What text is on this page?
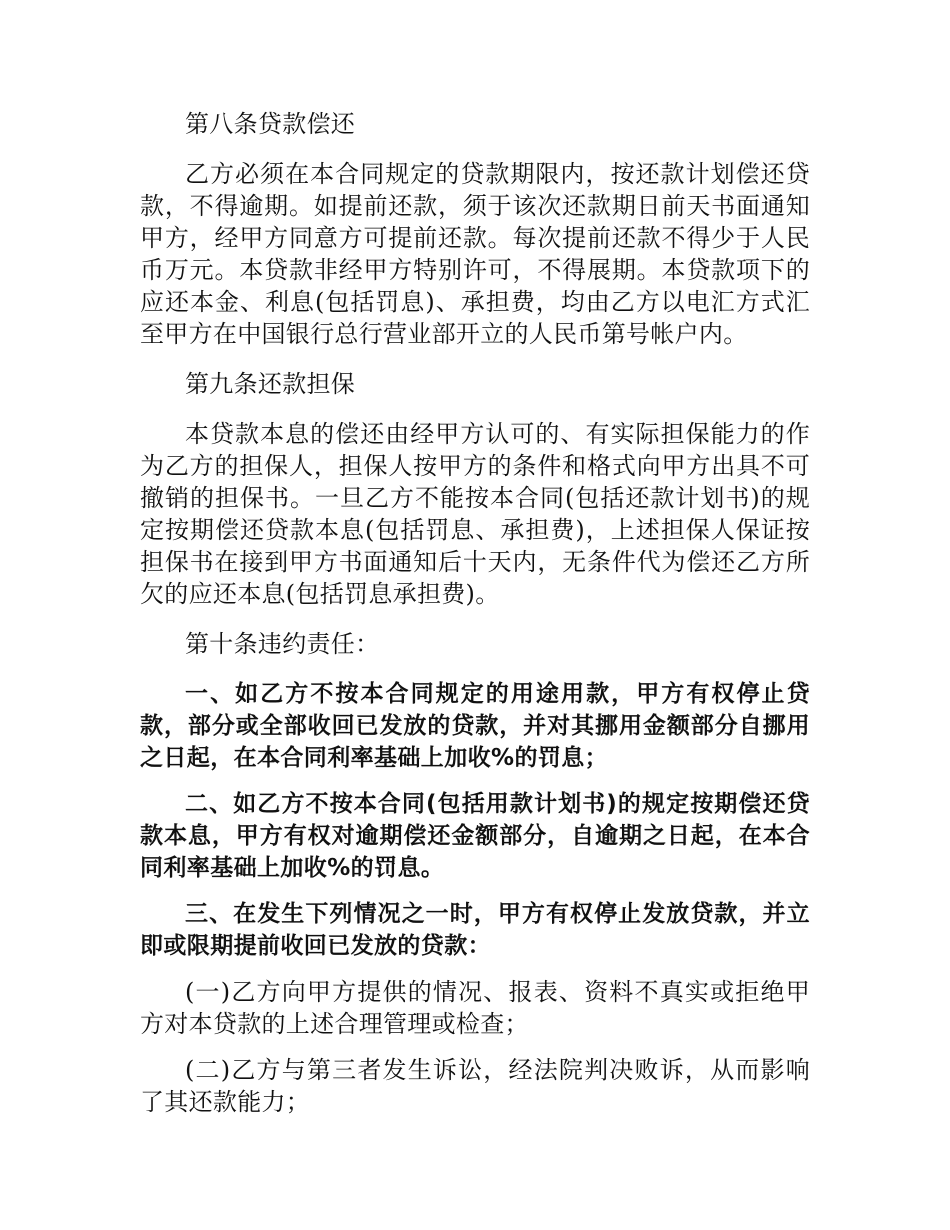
第八条贷款偿还

乙方必须在本合同规定的贷款期限内，按还款计划偿还贷款，不得逾期。如提前还款，须于该次还款期日前天书面通知甲方，经甲方同意方可提前还款。每次提前还款不得少于人民币万元。本贷款非经甲方特别许可，不得展期。本贷款项下的应还本金、利息(包括罚息)、承担费，均由乙方以电汇方式汇至甲方在中国银行总行营业部开立的人民币第号帐户内。

第九条还款担保

本贷款本息的偿还由经甲方认可的、有实际担保能力的作为乙方的担保人，担保人按甲方的条件和格式向甲方出具不可撤销的担保书。一旦乙方不能按本合同(包括还款计划书)的规定按期偿还贷款本息(包括罚息、承担费)，上述担保人保证按担保书在接到甲方书面通知后十天内，无条件代为偿还乙方所欠的应还本息(包括罚息承担费)。

第十条违约责任：

一、如乙方不按本合同规定的用途用款，甲方有权停止贷款，部分或全部收回已发放的贷款，并对其挪用金额部分自挪用之日起，在本合同利率基础上加收%的罚息；

二、如乙方不按本合同(包括用款计划书)的规定按期偿还贷款本息，甲方有权对逾期偿还金额部分，自逾期之日起，在本合同利率基础上加收%的罚息。

三、在发生下列情况之一时，甲方有权停止发放贷款，并立即或限期提前收回已发放的贷款：

(一)乙方向甲方提供的情况、报表、资料不真实或拒绝甲方对本贷款的上述合理管理或检查；

(二)乙方与第三者发生诉讼，经法院判决败诉，从而影响了其还款能力；
